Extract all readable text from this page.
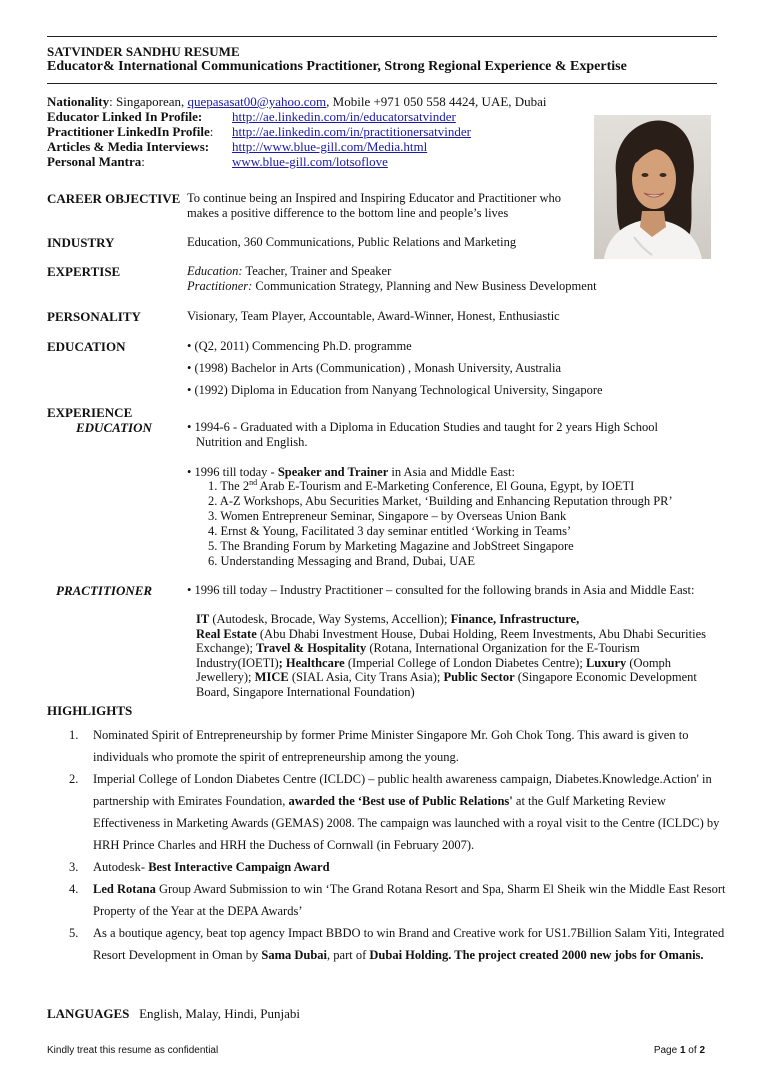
SATVINDER SANDHU RESUME
Educator& International Communications Practitioner, Strong Regional Experience & Expertise
Nationality: Singaporean, quepasasat00@yahoo.com, Mobile +971 050 558 4424, UAE, Dubai
Educator Linked In Profile: http://ae.linkedin.com/in/educatorsatvinder
Practitioner LinkedIn Profile: http://ae.linkedin.com/in/practitionersatvinder
Articles & Media Interviews: http://www.blue-gill.com/Media.html
Personal Mantra:	www.blue-gill.com/lotsoflove
CAREER OBJECTIVE To continue being an Inspired and Inspiring Educator and Practitioner who
makes a positive difference to the bottom line and people’s lives
INDUSTRY	Education, 360 Communications, Public Relations and Marketing
EXPERTISE	Education: Teacher, Trainer and Speaker
Practitioner: Communication Strategy, Planning and New Business Development
PERSONALITY	Visionary, Team Player, Accountable, Award-Winner, Honest, Enthusiastic
EDUCATION	• (Q2, 2011) Commencing Ph.D. programme
• (1998) Bachelor in Arts (Communication) , Monash University, Australia
• (1992) Diploma in Education from Nanyang Technological University, Singapore
EXPERIENCE
EDUCATION	• 1994-6 - Graduated with a Diploma in Education Studies and taught for 2 years High School
Nutrition and English.
• 1996 till today - Speaker and Trainer in Asia and Middle East:
1. The 2nd Arab E-Tourism and E-Marketing Conference, El Gouna, Egypt, by IOETI
2. A-Z Workshops, Abu Securities Market, ‘Building and Enhancing Reputation through PR’
3. Women Entrepreneur Seminar, Singapore – by Overseas Union Bank
4. Ernst & Young, Facilitated 3 day seminar entitled ‘Working in Teams’
5. The Branding Forum by Marketing Magazine and JobStreet Singapore
6. Understanding Messaging and Brand, Dubai, UAE
PRACTITIONER	• 1996 till today – Industry Practitioner – consulted for the following brands in Asia and Middle East:
IT (Autodesk, Brocade, Way Systems, Accellion); Finance, Infrastructure,
Real Estate (Abu Dhabi Investment House, Dubai Holding, Reem Investments, Abu Dhabi Securities Exchange); Travel & Hospitality (Rotana, International Organization for the E-Tourism Industry(IOETI); Healthcare (Imperial College of London Diabetes Centre); Luxury (Oomph Jewellery); MICE (SIAL Asia, City Trans Asia); Public Sector (Singapore Economic Development Board, Singapore International Foundation)
HIGHLIGHTS
1. Nominated Spirit of Entrepreneurship by former Prime Minister Singapore Mr. Goh Chok Tong. This award is given to individuals who promote the spirit of entrepreneurship among the young.
2. Imperial College of London Diabetes Centre (ICLDC) – public health awareness campaign, Diabetes.Knowledge.Action' in partnership with Emirates Foundation, awarded the ‘Best use of Public Relations' at the Gulf Marketing Review Effectiveness in Marketing Awards (GEMAS) 2008. The campaign was launched with a royal visit to the Centre (ICLDC) by HRH Prince Charles and HRH the Duchess of Cornwall (in February 2007).
3. Autodesk- Best Interactive Campaign Award
4. Led Rotana Group Award Submission to win ‘The Grand Rotana Resort and Spa, Sharm El Sheik win the Middle East Resort Property of the Year at the DEPA Awards’
5. As a boutique agency, beat top agency Impact BBDO to win Brand and Creative work for US1.7Billion Salam Yiti, Integrated Resort Development in Oman by Sama Dubai, part of Dubai Holding. The project created 2000 new jobs for Omanis.
LANGUAGES English, Malay, Hindi, Punjabi
Kindly treat this resume as confidential	Page 1 of 2
